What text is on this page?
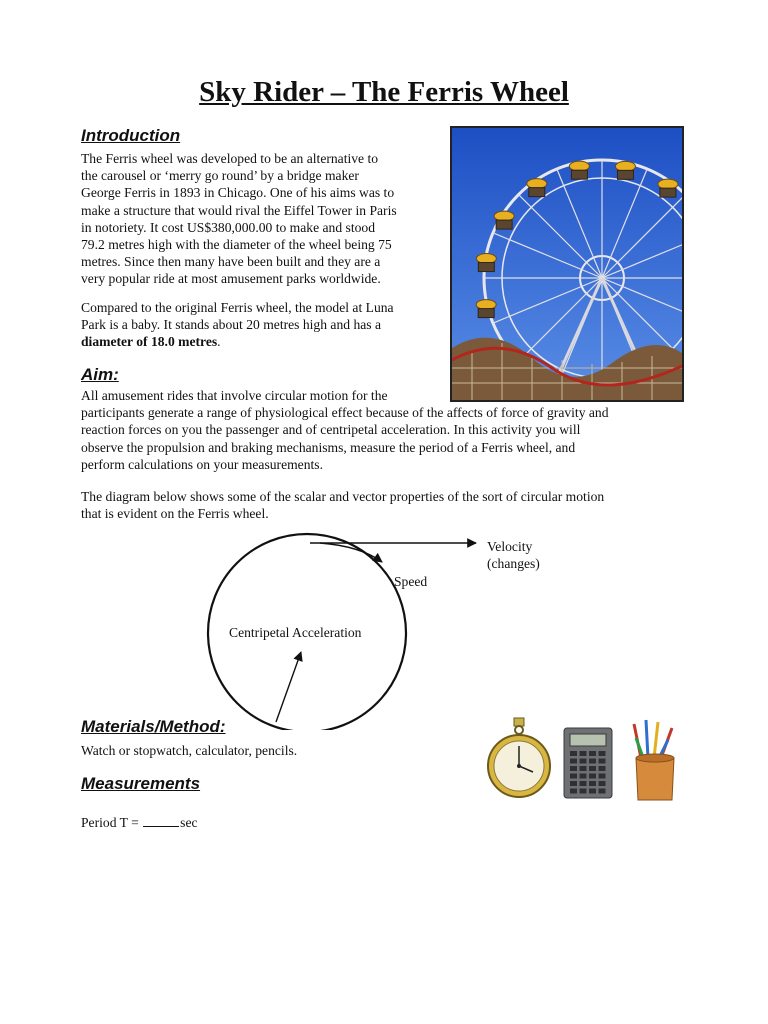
Sky Rider – The Ferris Wheel
Introduction

The Ferris wheel was developed to be an alternative to
the carousel or ‘merry go round’ by a bridge maker
George Ferris in 1893 in Chicago. One of his aims was to
make a structure that would rival the Eiffel Tower in Paris
in notoriety. It cost US$380,000.00 to make and stood
79.2 metres high with the diameter of the wheel being 75
metres. Since then many have been built and they are a
very popular ride at most amusement parks worldwide.

Compared to the original Ferris wheel, the model at Luna
Park is a baby. It stands about 20 metres high and has a
diameter of 18.0 metres.

Aim:

All amusement rides that involve circular motion for the
participants generate a range of physiological effect because of the affects of force of gravity and
reaction forces on you the passenger and of centripetal acceleration. In this activity you will
observe the propulsion and braking mechanisms, measure the period of a Ferris wheel, and
perform calculations on your measurements.

The diagram below shows some of the scalar and vector properties of the sort of circular motion
that is evident on the Ferris wheel.

Velocity
(changes)
Speed
Centripetal Acceleration
Materials/Method:

Watch or stopwatch, calculator, pencils.

Measurements

Period T =	sec
